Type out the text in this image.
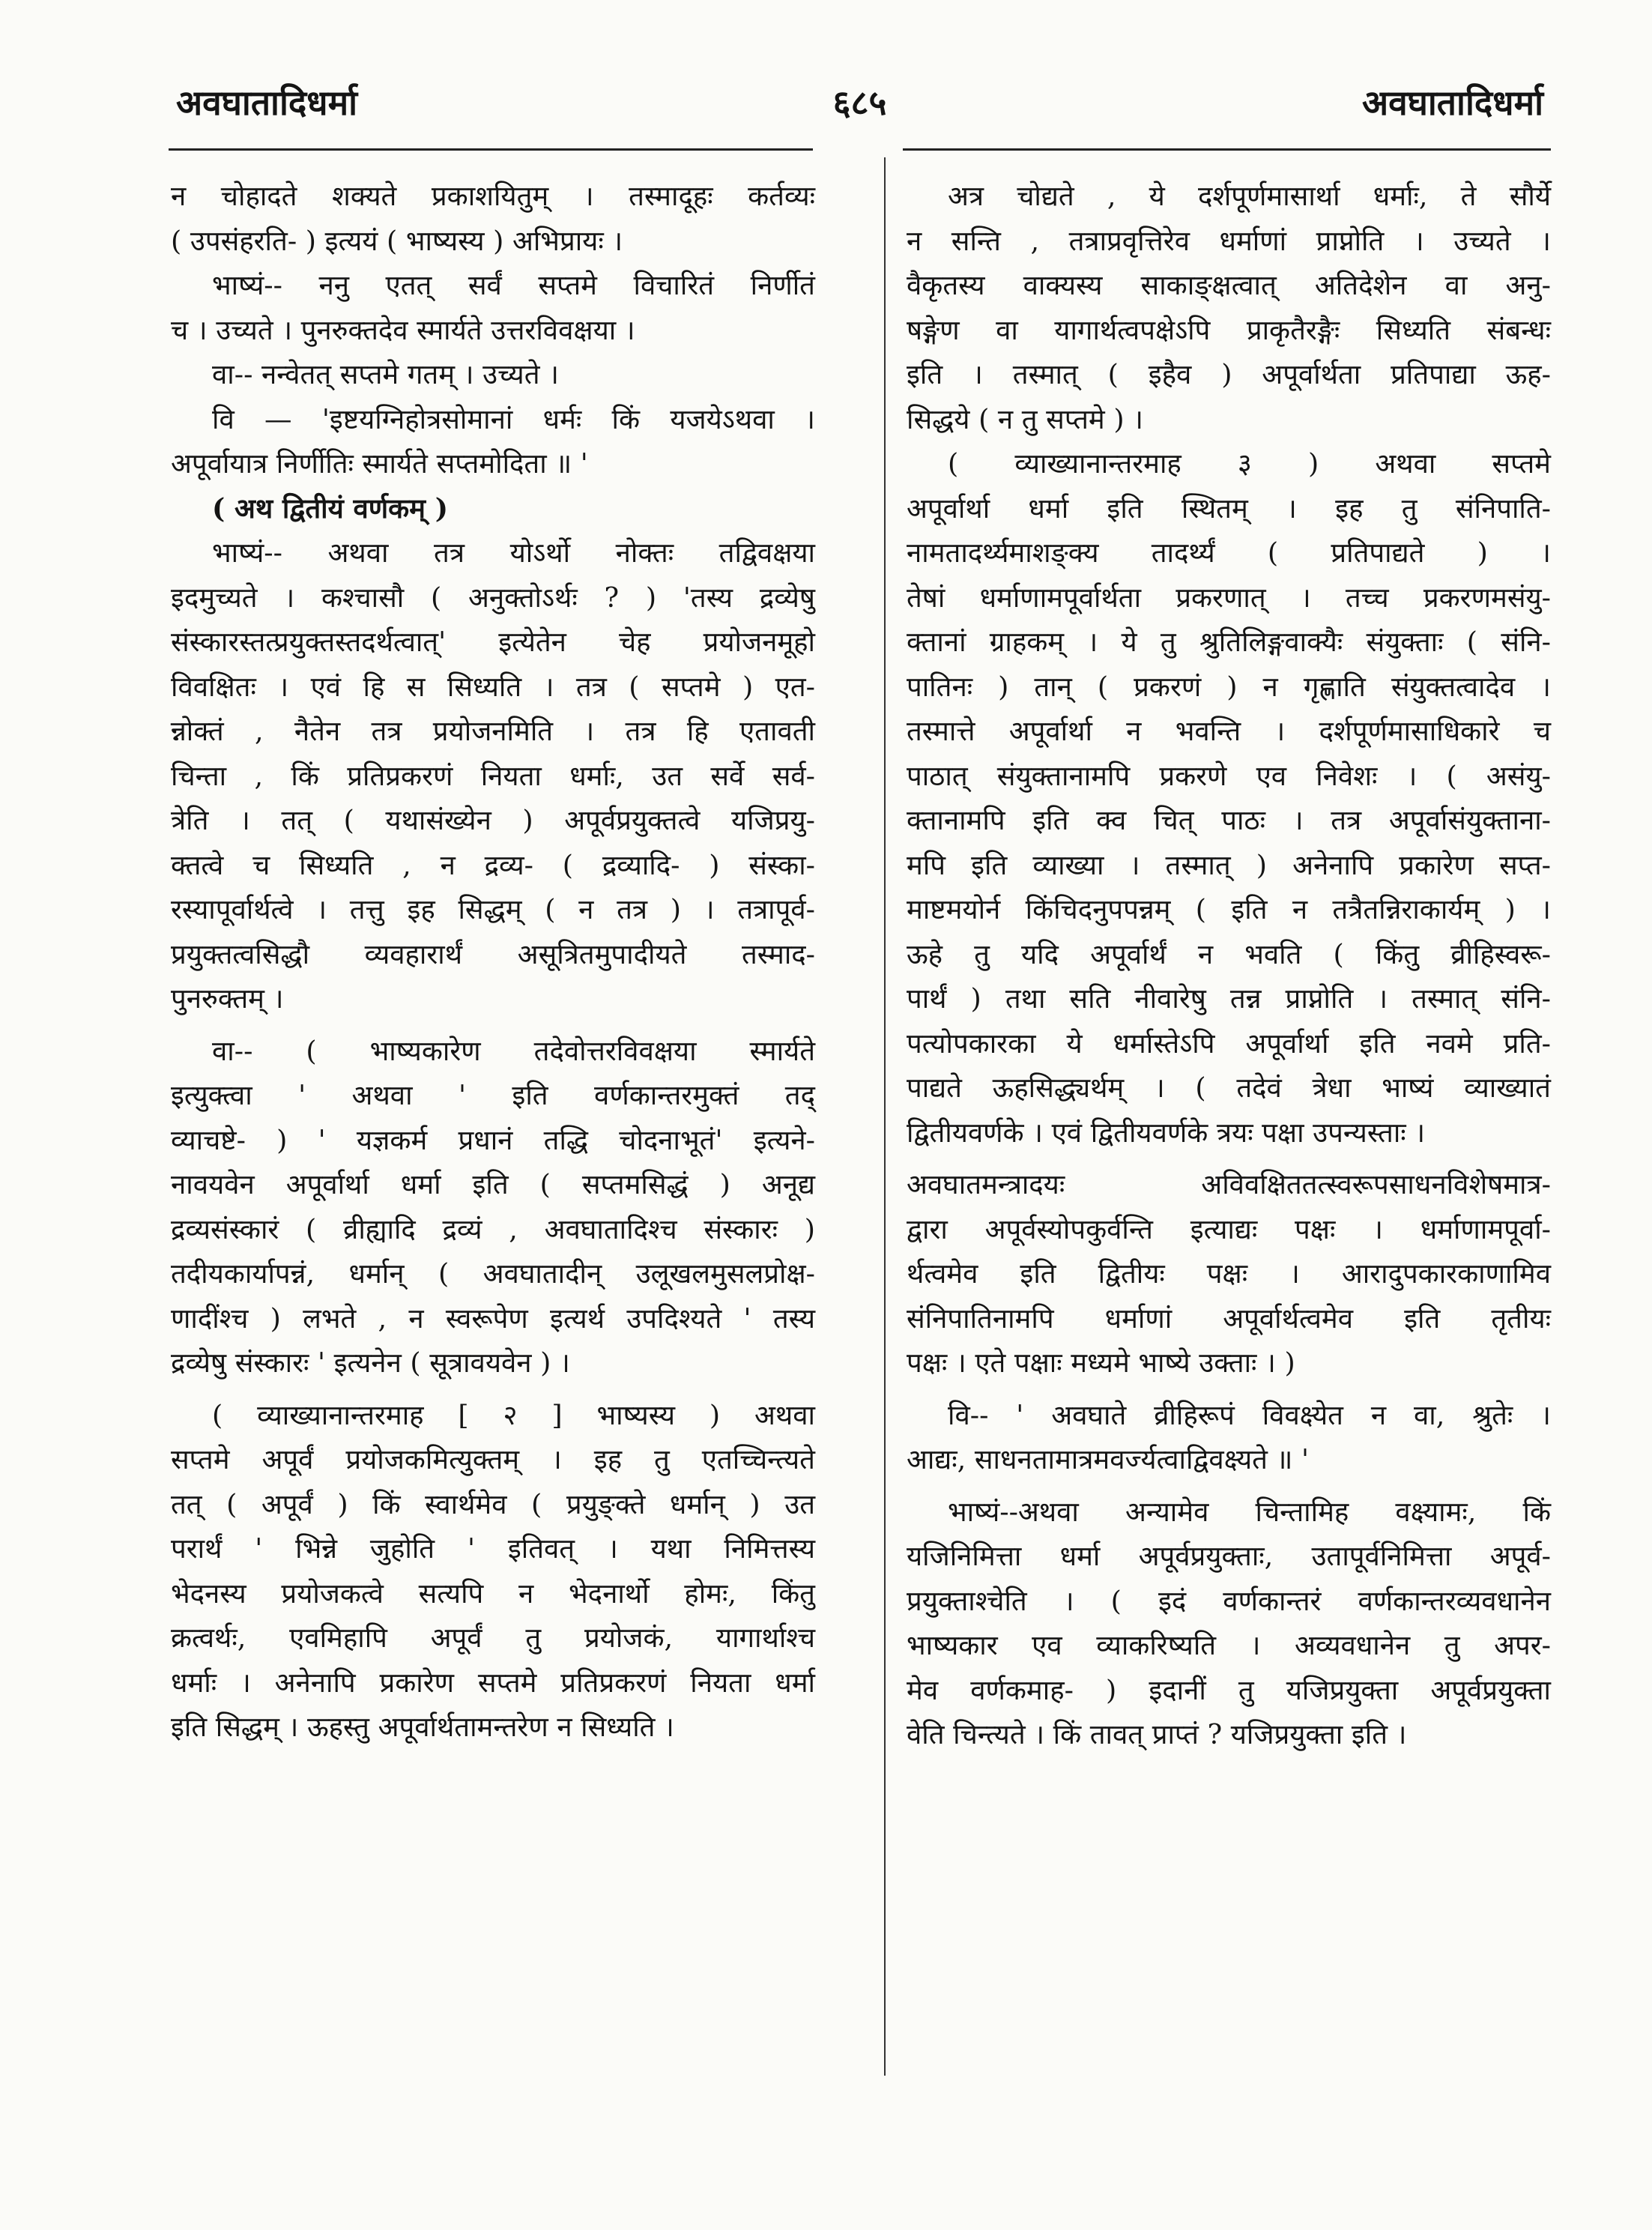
अवघातादिधर्मा	६८५	अवघातादिधर्मा

न चोहादते शक्यते प्रकाशयितुम् । तस्मादूहः कर्तव्यः

( उपसंहरति- ) इत्ययं ( भाष्यस्य ) अभिप्रायः ।

भाष्यं-- ननु एतत् सर्वं सप्तमे विचारितं निर्णीतं

च । उच्यते । पुनरुक्तदेव स्मार्यते उत्तरविवक्षया ।

वा-- नन्वेतत् सप्तमे गतम् । उच्यते ।

वि — 'इष्टयग्निहोत्रसोमानां धर्मः किं यजयेऽथवा ।

अपूर्वायात्र निर्णीतिः स्मार्यते सप्तमोदिता ॥ '

( अथ द्वितीयं वर्णकम् )

भाष्यं-- अथवा तत्र योऽर्थो नोक्तः तद्विवक्षया

इदमुच्यते । कश्चासौ ( अनुक्तोऽर्थः ? ) 'तस्य द्रव्येषु

संस्कारस्तत्प्रयुक्तस्तदर्थत्वात्' इत्येतेन चेह प्रयोजनमूहो

विवक्षितः । एवं हि स सिध्यति । तत्र ( सप्तमे ) एत-

न्नोक्तं , नैतेन तत्र प्रयोजनमिति । तत्र हि एतावती

चिन्ता , किं प्रतिप्रकरणं नियता धर्माः, उत सर्वे सर्व-

त्रेति । तत् ( यथासंख्येन ) अपूर्वप्रयुक्तत्वे यजिप्रयु-

क्तत्वे च सिध्यति , न द्रव्य- ( द्रव्यादि- ) संस्का-

रस्यापूर्वार्थत्वे । तत्तु इह सिद्धम् ( न तत्र ) । तत्रापूर्व-

प्रयुक्तत्वसिद्धौ व्यवहारार्थं असूत्रितमुपादीयते तस्माद-

पुनरुक्तम् ।

वा-- ( भाष्यकारेण तदेवोत्तरविवक्षया स्मार्यते

इत्युक्त्वा ' अथवा ' इति वर्णकान्तरमुक्तं तद्

व्याचष्टे- ) ' यज्ञकर्म प्रधानं तद्धि चोदनाभूतं' इत्यने-

नावयवेन अपूर्वार्था धर्मा इति ( सप्तमसिद्धं ) अनूद्य

द्रव्यसंस्कारं ( व्रीह्यादि द्रव्यं , अवघातादिश्च संस्कारः )

तदीयकार्यापन्नं, धर्मान् ( अवघातादीन् उलूखलमुसलप्रोक्ष-

णादींश्च ) लभते , न स्वरूपेण इत्यर्थ उपदिश्यते ' तस्य

द्रव्येषु संस्कारः ' इत्यनेन ( सूत्रावयवेन ) ।

( व्याख्यानान्तरमाह [ २ ] भाष्यस्य ) अथवा

सप्तमे अपूर्वं प्रयोजकमित्युक्तम् । इह तु एतच्चिन्त्यते

तत् ( अपूर्वं ) किं स्वार्थमेव ( प्रयुङ्क्ते धर्मान् ) उत

परार्थं ' भिन्ने जुहोति ' इतिवत् । यथा निमित्तस्य

भेदनस्य प्रयोजकत्वे सत्यपि न भेदनार्थो होमः, किंतु

क्रत्वर्थः, एवमिहापि अपूर्वं तु प्रयोजकं, यागार्थाश्च

धर्माः । अनेनापि प्रकारेण सप्तमे प्रतिप्रकरणं नियता धर्मा

इति सिद्धम् । ऊहस्तु अपूर्वार्थतामन्तरेण न सिध्यति ।

अत्र चोद्यते , ये दर्शपूर्णमासार्था धर्माः, ते सौर्ये

न सन्ति , तत्राप्रवृत्तिरेव धर्माणां प्राप्नोति । उच्यते ।

वैकृतस्य वाक्यस्य साकाङ्क्षत्वात् अतिदेशेन वा अनु-

षङ्गेण वा यागार्थत्वपक्षेऽपि प्राकृतैरङ्गैः सिध्यति संबन्धः

इति । तस्मात् ( इहैव ) अपूर्वार्थता प्रतिपाद्या ऊह-

सिद्धये ( न तु सप्तमे ) ।

( व्याख्यानान्तरमाह ३ ) अथवा सप्तमे

अपूर्वार्था धर्मा इति स्थितम् । इह तु संनिपाति-

नामतादर्थ्यमाशङ्क्य तादर्थ्यं ( प्रतिपाद्यते ) ।

तेषां धर्माणामपूर्वार्थता प्रकरणात् । तच्च प्रकरणमसंयु-

क्तानां ग्राहकम् । ये तु श्रुतिलिङ्गवाक्यैः संयुक्ताः ( संनि-

पातिनः ) तान् ( प्रकरणं ) न गृह्णाति संयुक्तत्वादेव ।

तस्मात्ते अपूर्वार्था न भवन्ति । दर्शपूर्णमासाधिकारे च

पाठात् संयुक्तानामपि प्रकरणे एव निवेशः । ( असंयु-

क्तानामपि इति क्व चित् पाठः । तत्र अपूर्वासंयुक्ताना-

मपि इति व्याख्या । तस्मात् ) अनेनापि प्रकारेण सप्त-

माष्टमयोर्न किंचिदनुपपन्नम् ( इति न तत्रैतन्निराकार्यम् ) ।

ऊहे तु यदि अपूर्वार्थं न भवति ( किंतु व्रीहिस्वरू-

पार्थं ) तथा सति नीवारेषु तन्न प्राप्नोति । तस्मात् संनि-

पत्योपकारका ये धर्मास्तेऽपि अपूर्वार्था इति नवमे प्रति-

पाद्यते ऊहसिद्ध्यर्थम् । ( तदेवं त्रेधा भाष्यं व्याख्यातं

द्वितीयवर्णके । एवं द्वितीयवर्णके त्रयः पक्षा उपन्यस्ताः ।

अवघातमन्त्रादयः अविवक्षिततत्स्वरूपसाधनविशेषमात्र-

द्वारा अपूर्वस्योपकुर्वन्ति इत्याद्यः पक्षः । धर्माणामपूर्वा-

र्थत्वमेव इति द्वितीयः पक्षः । आरादुपकारकाणामिव

संनिपातिनामपि धर्माणां अपूर्वार्थत्वमेव इति तृतीयः

पक्षः । एते पक्षाः मध्यमे भाष्ये उक्ताः । )

वि-- ' अवघाते व्रीहिरूपं विवक्ष्येत न वा, श्रुतेः ।

आद्यः, साधनतामात्रमवर्ज्यत्वाद्विवक्ष्यते ॥ '

भाष्यं--अथवा अन्यामेव चिन्तामिह वक्ष्यामः, किं

यजिनिमित्ता धर्मा अपूर्वप्रयुक्ताः, उतापूर्वनिमित्ता अपूर्व-

प्रयुक्ताश्चेति । ( इदं वर्णकान्तरं वर्णकान्तरव्यवधानेन

भाष्यकार एव व्याकरिष्यति । अव्यवधानेन तु अपर-

मेव वर्णकमाह- ) इदानीं तु यजिप्रयुक्ता अपूर्वप्रयुक्ता

वेति चिन्त्यते । किं तावत् प्राप्तं ? यजिप्रयुक्ता इति ।
